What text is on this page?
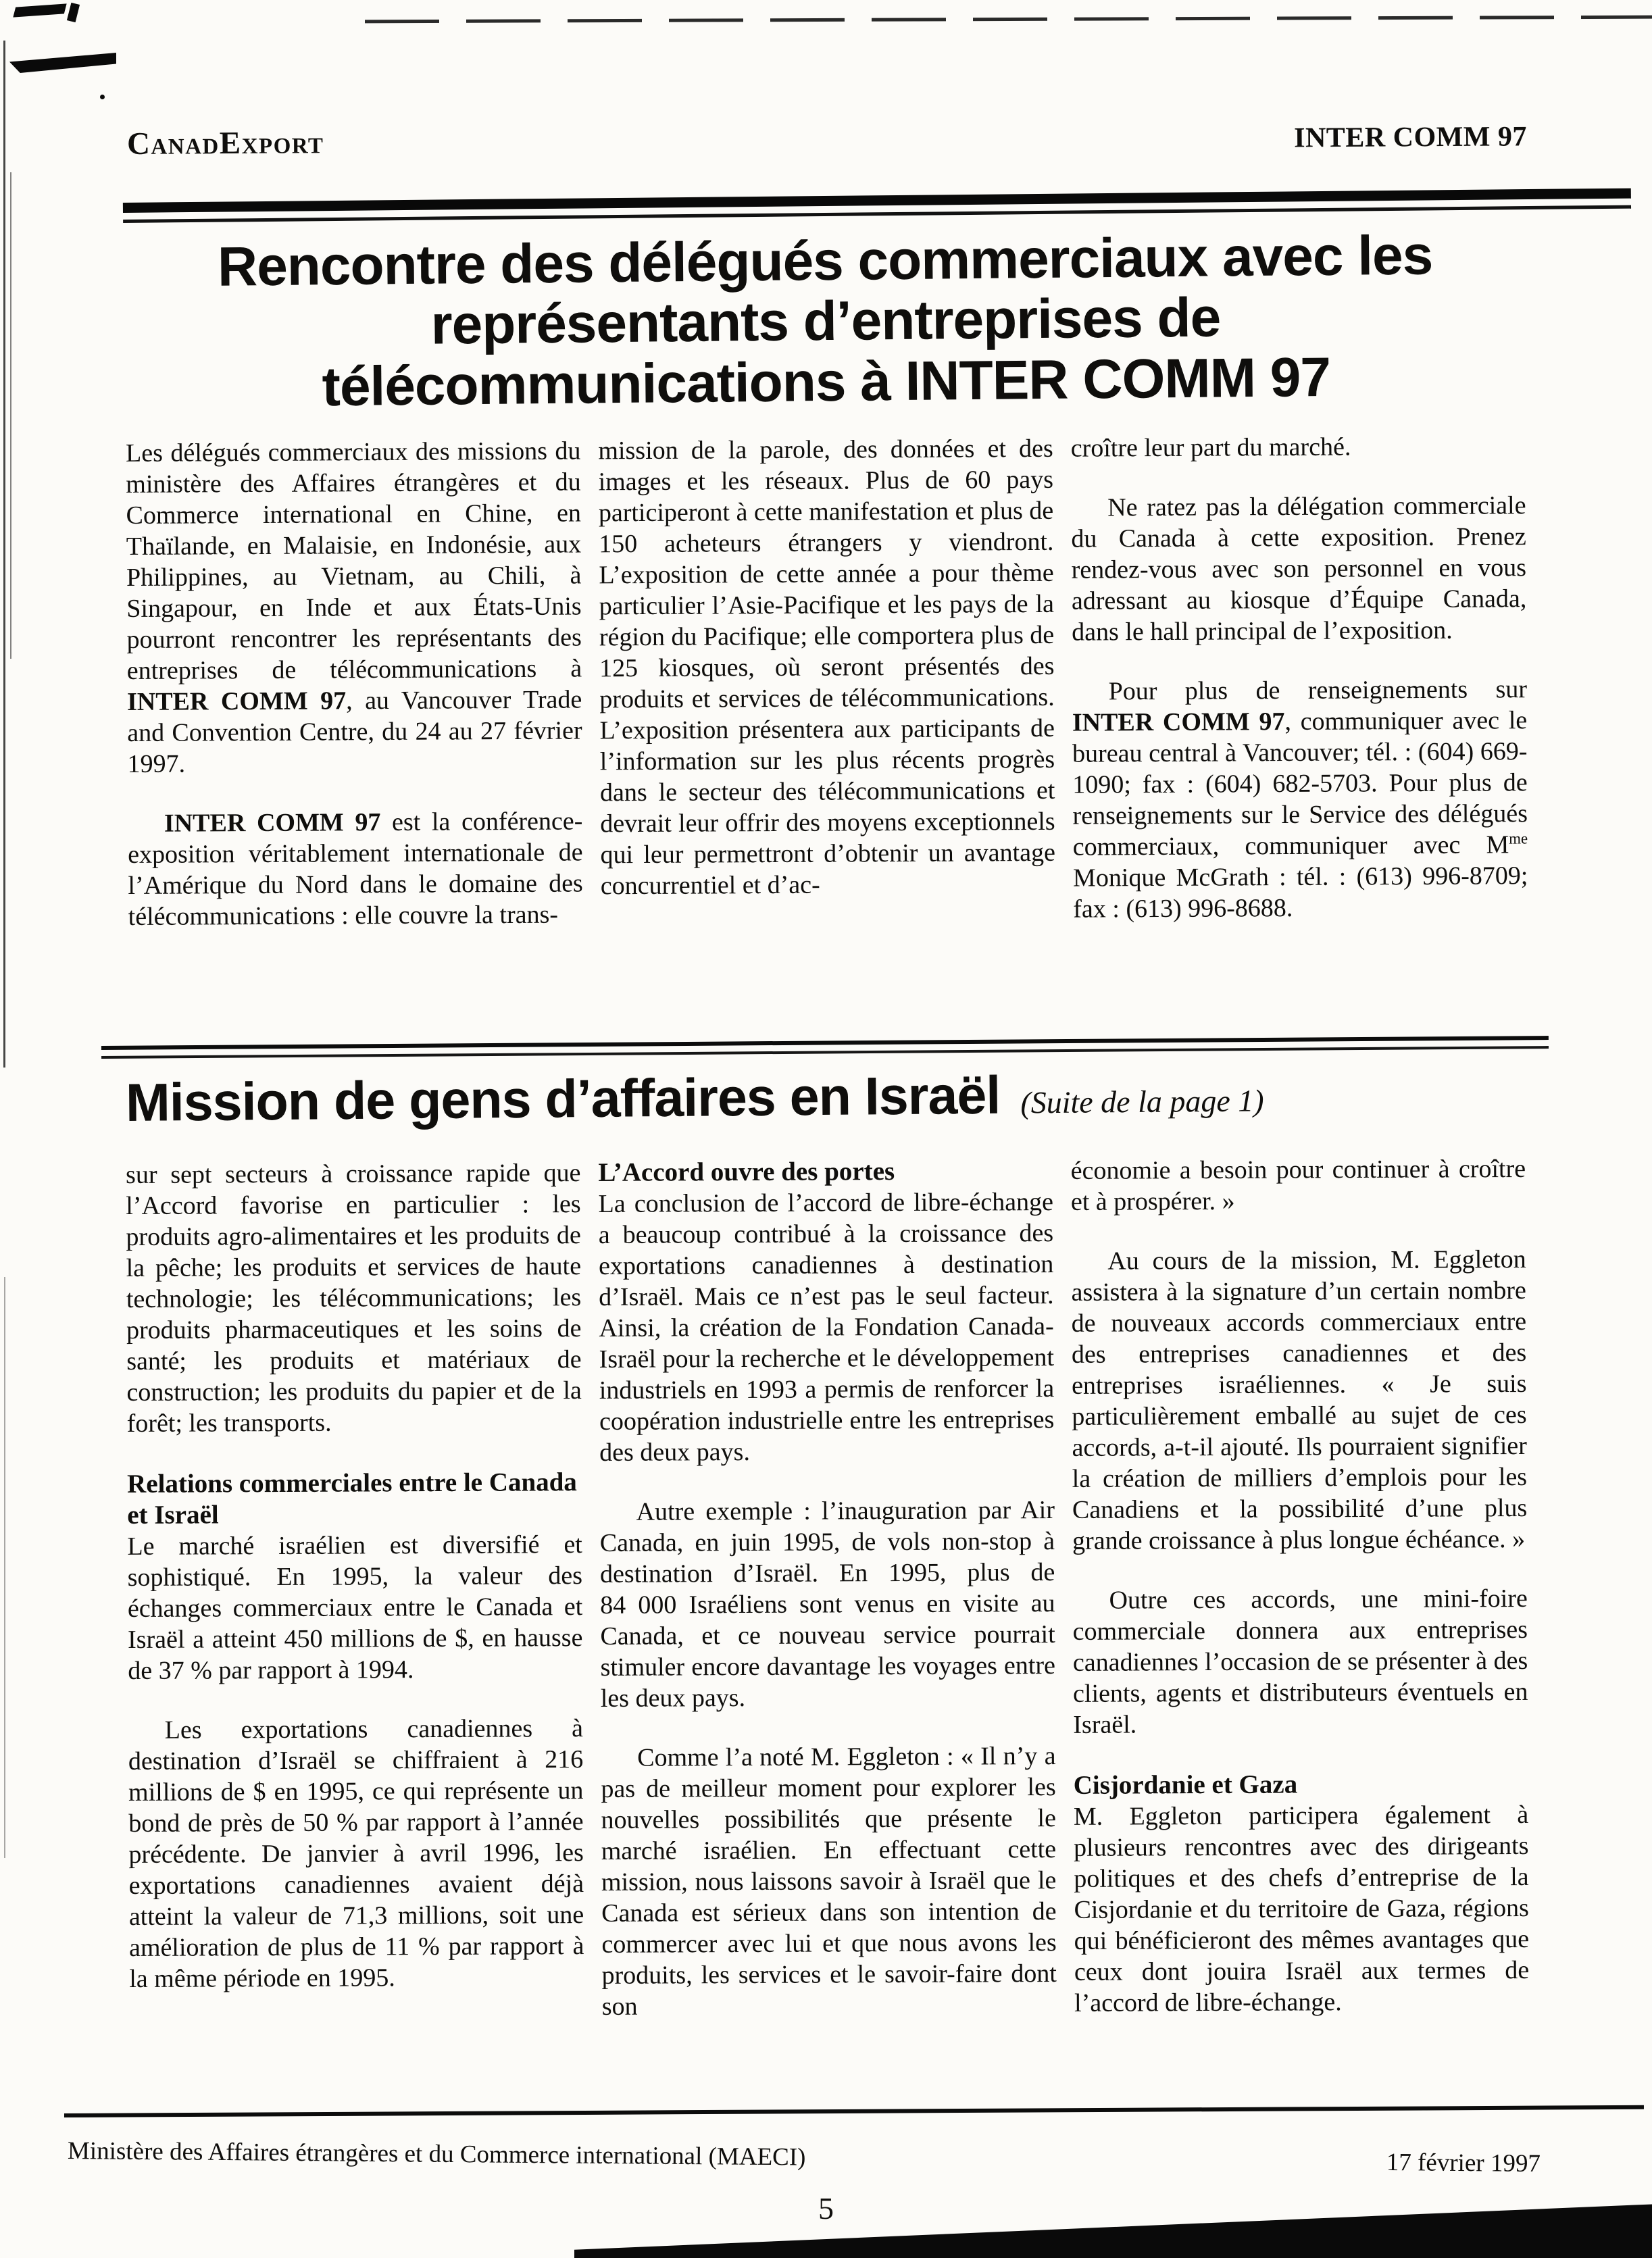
CanadExport	INTER COMM 97
Rencontre des délégués commerciaux avec les
représentants d’entreprises de
télécommunications à INTER COMM 97

Les délégués commerciaux des missions du ministère des Affaires étrangères et du Commerce international en Chine, en Thaïlande, en Malaisie, en Indonésie, aux Philippines, au Vietnam, au Chili, à Singapour, en Inde et aux États-Unis pourront rencontrer les représentants des entreprises de télécommunications à INTER COMM 97, au Vancouver Trade and Convention Centre, du 24 au 27 février 1997.

INTER COMM 97 est la conférence-exposition véritablement internationale de l’Amérique du Nord dans le domaine des télécommunications : elle couvre la trans-

mission de la parole, des données et des images et les réseaux. Plus de 60 pays participeront à cette manifestation et plus de 150 acheteurs étrangers y viendront. L’exposition de cette année a pour thème particulier l’Asie-Pacifique et les pays de la région du Pacifique; elle comportera plus de 125 kiosques, où seront présentés des produits et services de télécommunications. L’exposition présentera aux participants de l’information sur les plus récents progrès dans le secteur des télécommunications et devrait leur offrir des moyens exceptionnels qui leur permettront d’obtenir un avantage concurrentiel et d’ac-

croître leur part du marché.

Ne ratez pas la délégation commerciale du Canada à cette exposition. Prenez rendez-vous avec son personnel en vous adressant au kiosque d’Équipe Canada, dans le hall principal de l’exposition.

Pour plus de renseignements sur INTER COMM 97, communiquer avec le bureau central à Vancouver; tél. : (604) 669-1090; fax : (604) 682-5703. Pour plus de renseignements sur le Service des délégués commerciaux, communiquer avec $M^{me}$ Monique McGrath : tél. : (613) 996-8709; fax : (613) 996-8688.

Mission de gens d’affaires en Israël (Suite de la page 1)

sur sept secteurs à croissance rapide que l’Accord favorise en particulier : les produits agro-alimentaires et les produits de la pêche; les produits et services de haute technologie; les télécommunications; les produits pharmaceutiques et les soins de santé; les produits et matériaux de construction; les produits du papier et de la forêt; les transports.

Relations commerciales entre le Canada et Israël

Le marché israélien est diversifié et sophistiqué. En 1995, la valeur des échanges commerciaux entre le Canada et Israël a atteint 450 millions de $, en hausse de 37 % par rapport à 1994.

Les exportations canadiennes à destination d’Israël se chiffraient à 216 millions de $ en 1995, ce qui représente un bond de près de 50 % par rapport à l’année précédente. De janvier à avril 1996, les exportations canadiennes avaient déjà atteint la valeur de 71,3 millions, soit une amélioration de plus de 11 % par rapport à la même période en 1995.

L’Accord ouvre des portes

La conclusion de l’accord de libre-échange a beaucoup contribué à la croissance des exportations canadiennes à destination d’Israël. Mais ce n’est pas le seul facteur. Ainsi, la création de la Fondation Canada-Israël pour la recherche et le développement industriels en 1993 a permis de renforcer la coopération industrielle entre les entreprises des deux pays.

Autre exemple : l’inauguration par Air Canada, en juin 1995, de vols non-stop à destination d’Israël. En 1995, plus de 84 000 Israéliens sont venus en visite au Canada, et ce nouveau service pourrait stimuler encore davantage les voyages entre les deux pays.

Comme l’a noté M. Eggleton : « Il n’y a pas de meilleur moment pour explorer les nouvelles possibilités que présente le marché israélien. En effectuant cette mission, nous laissons savoir à Israël que le Canada est sérieux dans son intention de commercer avec lui et que nous avons les produits, les services et le savoir-faire dont son

économie a besoin pour continuer à croître et à prospérer. »

Au cours de la mission, M. Eggleton assistera à la signature d’un certain nombre de nouveaux accords commerciaux entre des entreprises canadiennes et des entreprises israéliennes. « Je suis particulièrement emballé au sujet de ces accords, a-t-il ajouté. Ils pourraient signifier la création de milliers d’emplois pour les Canadiens et la possibilité d’une plus grande croissance à plus longue échéance. »

Outre ces accords, une mini-foire commerciale donnera aux entreprises canadiennes l’occasion de se présenter à des clients, agents et distributeurs éventuels en Israël.

Cisjordanie et Gaza

M. Eggleton participera également à plusieurs rencontres avec des dirigeants politiques et des chefs d’entreprise de la Cisjordanie et du territoire de Gaza, régions qui bénéficieront des mêmes avantages que ceux dont jouira Israël aux termes de l’accord de libre-échange.

Ministère des Affaires étrangères et du Commerce international (MAECI)	17 février 1997
5
